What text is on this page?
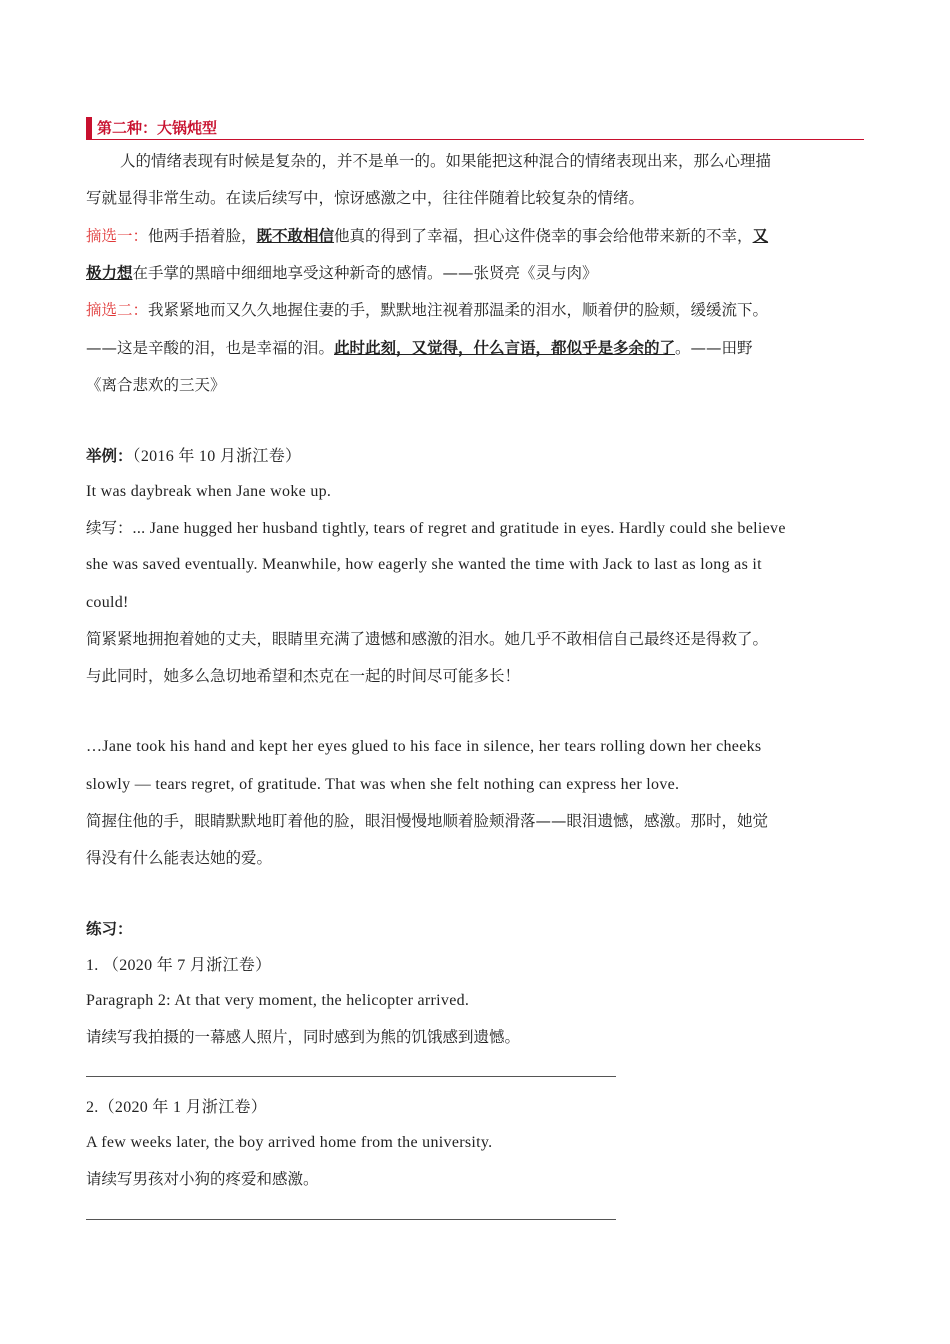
第二种：大锅炖型
人的情绪表现有时候是复杂的，并不是单一的。如果能把这种混合的情绪表现出来，那么心理描
写就显得非常生动。在读后续写中，惊讶感激之中，往往伴随着比较复杂的情绪。
摘选一：他两手捂着脸，既不敢相信他真的得到了幸福，担心这件侥幸的事会给他带来新的不幸，又
极力想在手掌的黑暗中细细地享受这种新奇的感情。——张贤亮《灵与肉》
摘选二：我紧紧地而又久久地握住妻的手，默默地注视着那温柔的泪水，顺着伊的脸颊，缓缓流下。
——这是辛酸的泪，也是幸福的泪。此时此刻，又觉得，什么言语，都似乎是多余的了。——田野
《离合悲欢的三天》
举例：（2016 年 10 月浙江卷）
It was daybreak when Jane woke up.
续写：... Jane hugged her husband tightly, tears of regret and gratitude in eyes. Hardly could she believe
she was saved eventually. Meanwhile, how eagerly she wanted the time with Jack to last as long as it
could!
简紧紧地拥抱着她的丈夫，眼睛里充满了遗憾和感激的泪水。她几乎不敢相信自己最终还是得救了。
与此同时，她多么急切地希望和杰克在一起的时间尽可能多长！
…Jane took his hand and kept her eyes glued to his face in silence, her tears rolling down her cheeks
slowly — tears regret, of gratitude. That was when she felt nothing can express her love.
简握住他的手，眼睛默默地盯着他的脸，眼泪慢慢地顺着脸颊滑落——眼泪遗憾，感激。那时，她觉
得没有什么能表达她的爱。
练习：
1. （2020 年 7 月浙江卷）
Paragraph 2: At that very moment, the helicopter arrived.
请续写我拍摄的一幕感人照片，同时感到为熊的饥饿感到遗憾。
2.（2020 年 1 月浙江卷）
A few weeks later, the boy arrived home from the university.
请续写男孩对小狗的疼爱和感激。
